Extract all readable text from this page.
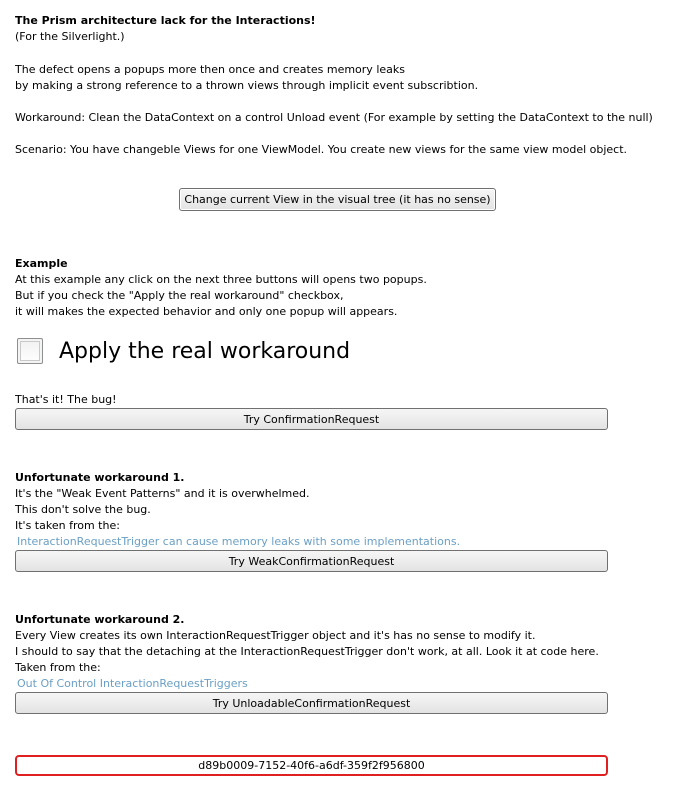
The Prism architecture lack for the Interactions!
(For the Silverlight.)
The defect opens a popups more then once and creates memory leaks
by making a strong reference to a thrown views through implicit event subscribtion.
Workaround: Clean the DataContext on a control Unload event (For example by setting the DataContext to the null)
Scenario: You have changeble Views for one ViewModel. You create new views for the same view model object.
Change current View in the visual tree (it has no sense)
Example
At this example any click on the next three buttons will opens two popups.
But if you check the "Apply the real workaround" checkbox,
it will makes the expected behavior and only one popup will appears.
Apply the real workaround
That's it! The bug!
Try ConfirmationRequest
Unfortunate workaround 1.
It's the "Weak Event Patterns" and it is overwhelmed.
This don't solve the bug.
It's taken from the:
InteractionRequestTrigger can cause memory leaks with some implementations.
Try WeakConfirmationRequest
Unfortunate workaround 2.
Every View creates its own InteractionRequestTrigger object and it's has no sense to modify it.
I should to say that the detaching at the InteractionRequestTrigger don't work, at all. Look it at code here.
Taken from the:
Out Of Control InteractionRequestTriggers
Try UnloadableConfirmationRequest
d89b0009-7152-40f6-a6df-359f2f956800
